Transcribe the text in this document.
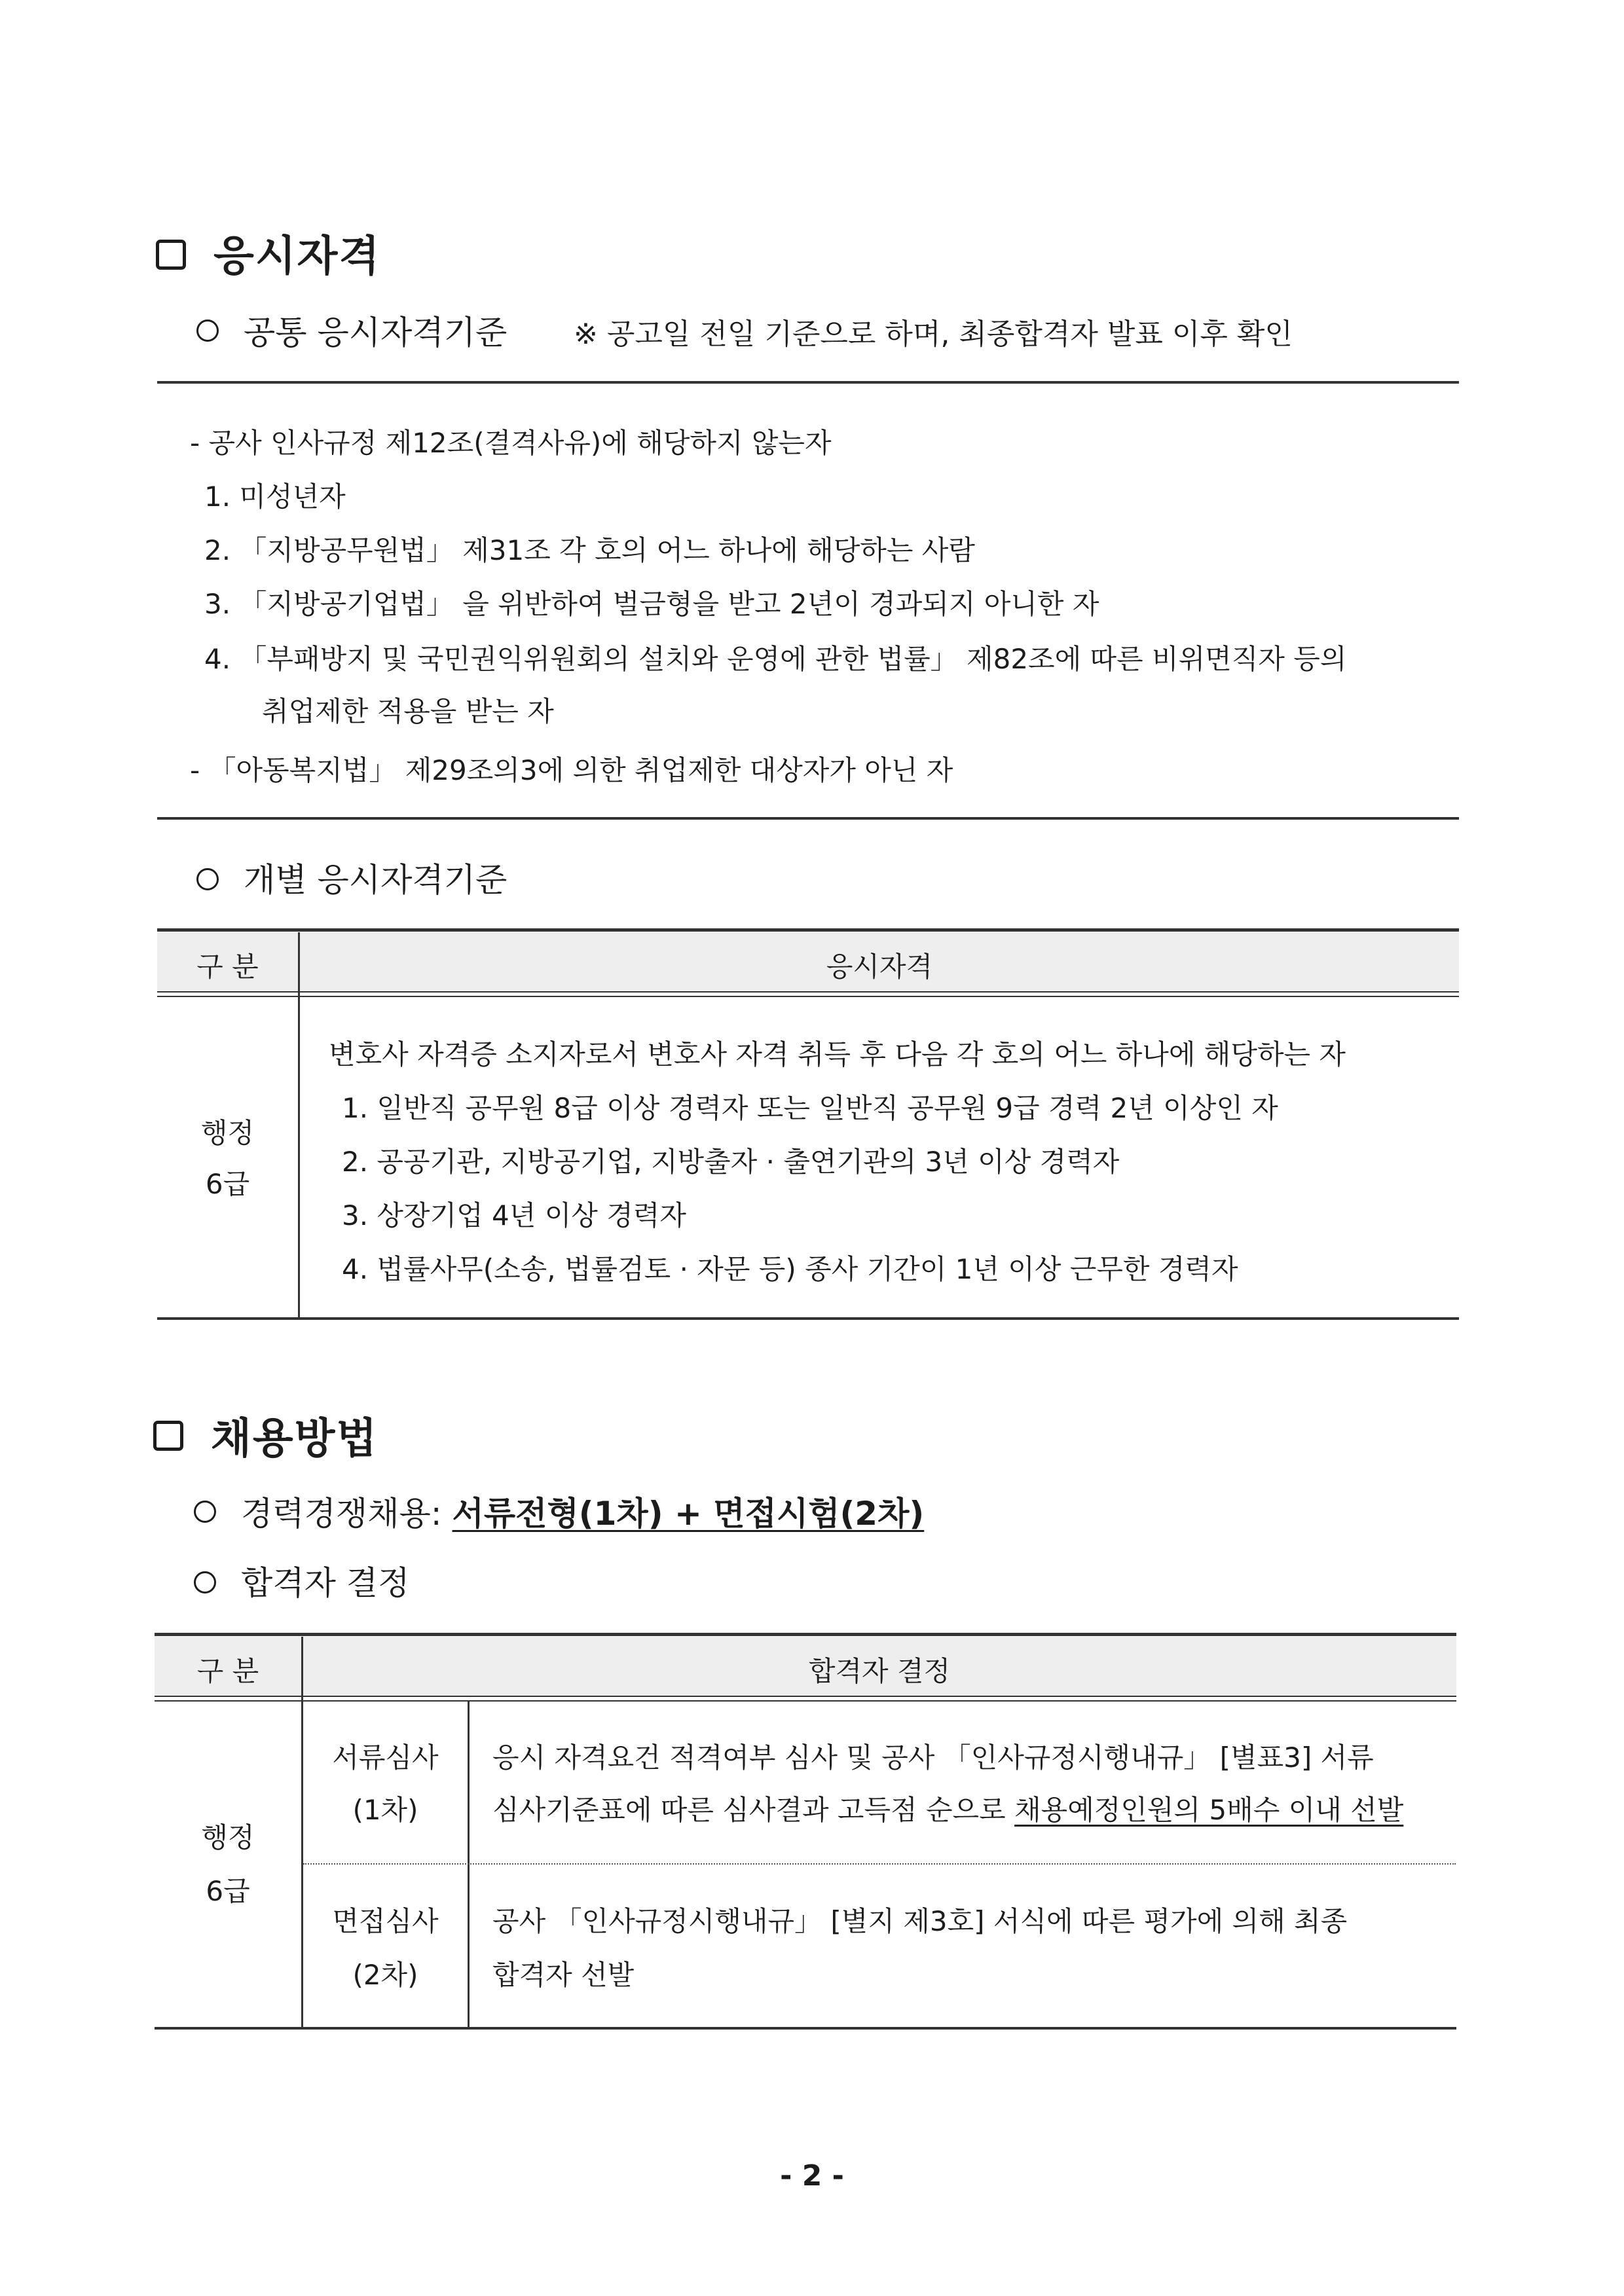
응시자격
공통 응시자격기준 ※ 공고일 전일 기준으로 하며, 최종합격자 발표 이후 확인
- 공사 인사규정 제12조(결격사유)에 해당하지 않는자
1. 미성년자
2. 「지방공무원법」 제31조 각 호의 어느 하나에 해당하는 사람
3. 「지방공기업법」 을 위반하여 벌금형을 받고 2년이 경과되지 아니한 자
4. 「부패방지 및 국민권익위원회의 설치와 운영에 관한 법률」 제82조에 따른 비위면직자 등의
취업제한 적용을 받는 자
- 「아동복지법」 제29조의3에 의한 취업제한 대상자가 아닌 자
개별 응시자격기준
구 분	응시자격
행정
6급
변호사 자격증 소지자로서 변호사 자격 취득 후 다음 각 호의 어느 하나에 해당하는 자
1. 일반직 공무원 8급 이상 경력자 또는 일반직 공무원 9급 경력 2년 이상인 자
2. 공공기관, 지방공기업, 지방출자 · 출연기관의 3년 이상 경력자
3. 상장기업 4년 이상 경력자
4. 법률사무(소송, 법률검토 · 자문 등) 종사 기간이 1년 이상 근무한 경력자
채용방법
경력경쟁채용: 서류전형(1차) + 면접시험(2차)
합격자 결정
구 분	합격자 결정
행정
6급
서류심사
(1차)
응시 자격요건 적격여부 심사 및 공사 「인사규정시행내규」 [별표3] 서류
심사기준표에 따른 심사결과 고득점 순으로 채용예정인원의 5배수 이내 선발
면접심사
(2차)
공사 「인사규정시행내규」 [별지 제3호] 서식에 따른 평가에 의해 최종
합격자 선발
- 2 -
